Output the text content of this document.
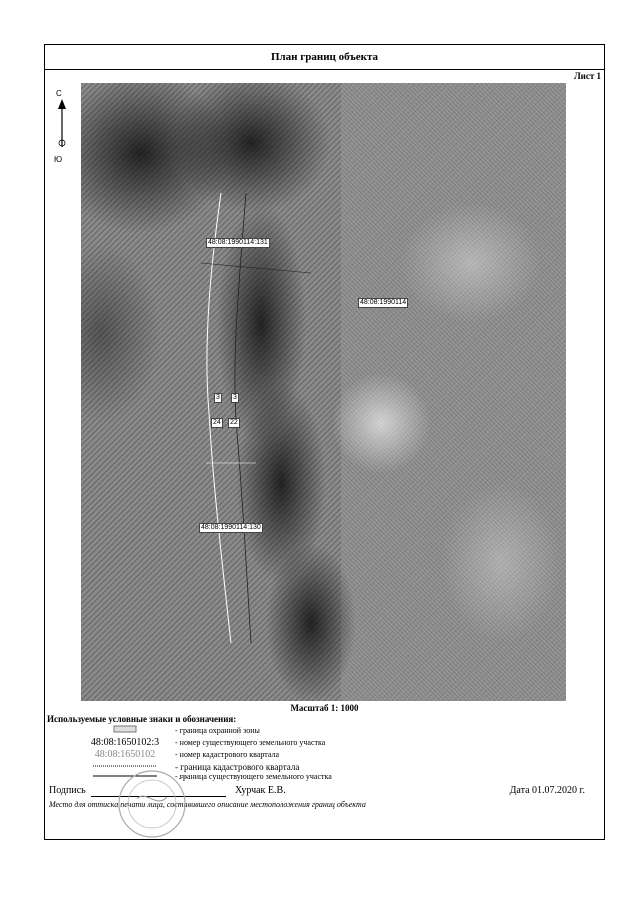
План границ объекта
Лист 1
С
Ю
48:08:1990114:131
48:08:1990114
48:08:1990114:130
3 3
24 22
Масштаб 1: 1000
Используемые условные знаки и обозначения:
- граница охранной зоны
48:08:1650102:3	- номер существующего земельного участка
48:08:1650102	- номер кадастрового квартала
- граница кадастрового квартала
- граница существующего земельного участка
Подпись	Хурчак Е.В.	Дата 01.07.2020 г.
Место для оттиска печати лица, составившего описание местоположения границ объекта
